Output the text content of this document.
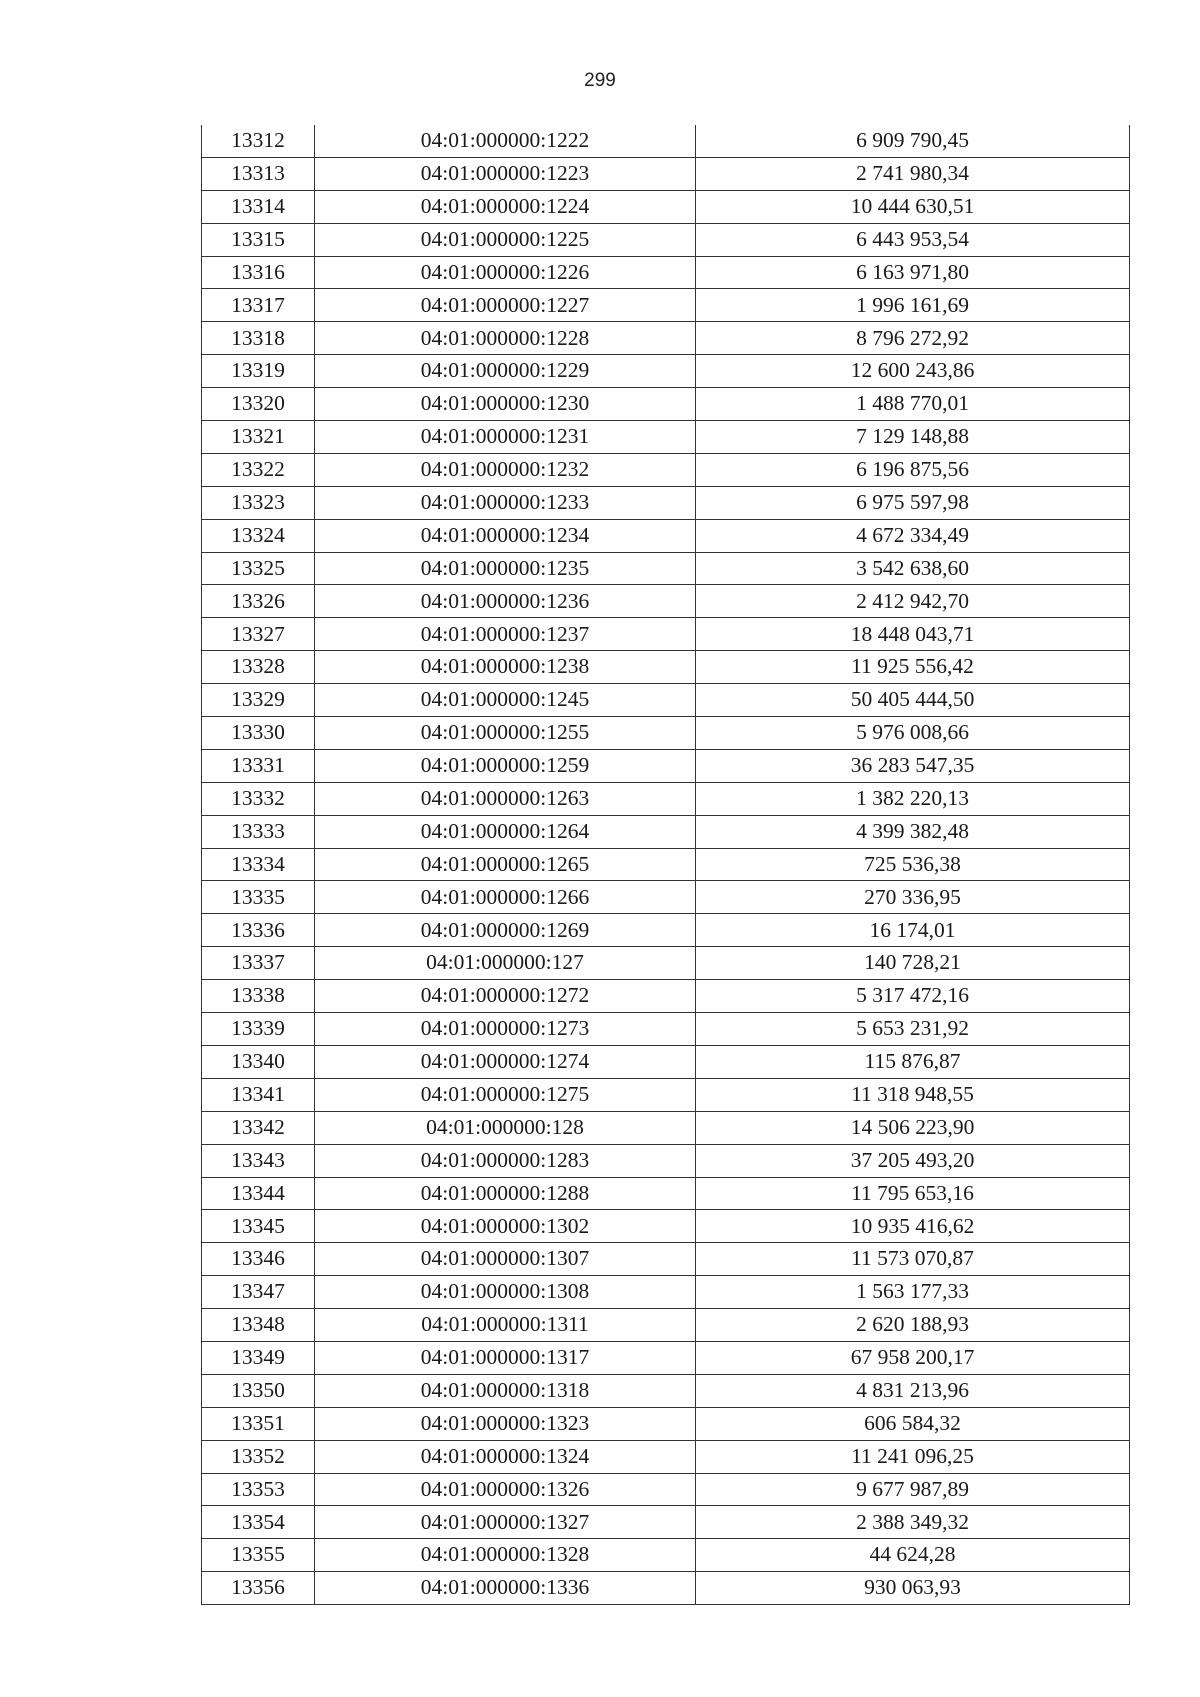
299
13312	04:01:000000:1222	6 909 790,45
13313	04:01:000000:1223	2 741 980,34
13314	04:01:000000:1224	10 444 630,51
13315	04:01:000000:1225	6 443 953,54
13316	04:01:000000:1226	6 163 971,80
13317	04:01:000000:1227	1 996 161,69
13318	04:01:000000:1228	8 796 272,92
13319	04:01:000000:1229	12 600 243,86
13320	04:01:000000:1230	1 488 770,01
13321	04:01:000000:1231	7 129 148,88
13322	04:01:000000:1232	6 196 875,56
13323	04:01:000000:1233	6 975 597,98
13324	04:01:000000:1234	4 672 334,49
13325	04:01:000000:1235	3 542 638,60
13326	04:01:000000:1236	2 412 942,70
13327	04:01:000000:1237	18 448 043,71
13328	04:01:000000:1238	11 925 556,42
13329	04:01:000000:1245	50 405 444,50
13330	04:01:000000:1255	5 976 008,66
13331	04:01:000000:1259	36 283 547,35
13332	04:01:000000:1263	1 382 220,13
13333	04:01:000000:1264	4 399 382,48
13334	04:01:000000:1265	725 536,38
13335	04:01:000000:1266	270 336,95
13336	04:01:000000:1269	16 174,01
13337	04:01:000000:127	140 728,21
13338	04:01:000000:1272	5 317 472,16
13339	04:01:000000:1273	5 653 231,92
13340	04:01:000000:1274	115 876,87
13341	04:01:000000:1275	11 318 948,55
13342	04:01:000000:128	14 506 223,90
13343	04:01:000000:1283	37 205 493,20
13344	04:01:000000:1288	11 795 653,16
13345	04:01:000000:1302	10 935 416,62
13346	04:01:000000:1307	11 573 070,87
13347	04:01:000000:1308	1 563 177,33
13348	04:01:000000:1311	2 620 188,93
13349	04:01:000000:1317	67 958 200,17
13350	04:01:000000:1318	4 831 213,96
13351	04:01:000000:1323	606 584,32
13352	04:01:000000:1324	11 241 096,25
13353	04:01:000000:1326	9 677 987,89
13354	04:01:000000:1327	2 388 349,32
13355	04:01:000000:1328	44 624,28
13356	04:01:000000:1336	930 063,93
